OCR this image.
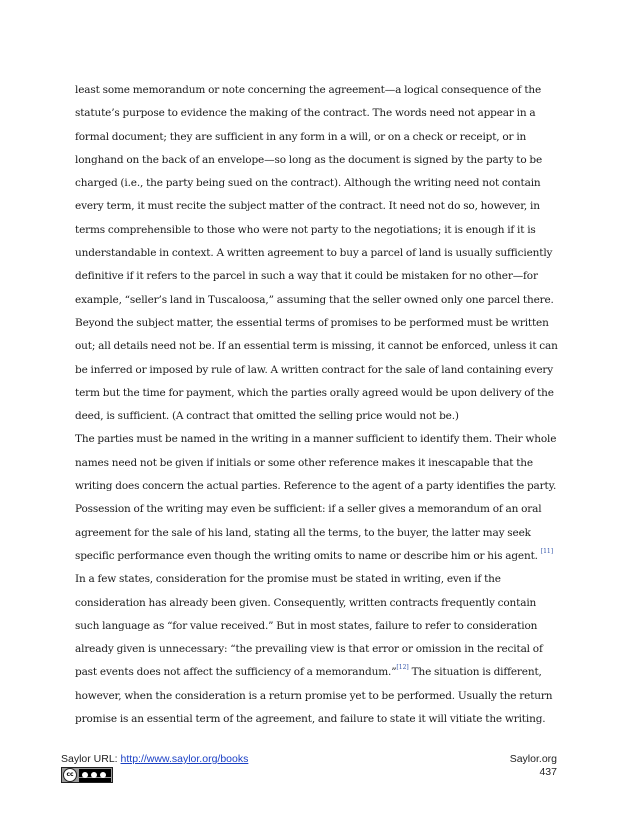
least some memorandum or note concerning the agreement—a logical consequence of the statute’s purpose to evidence the making of the contract. The words need not appear in a formal document; they are sufficient in any form in a will, or on a check or receipt, or in longhand on the back of an envelope—so long as the document is signed by the party to be charged (i.e., the party being sued on the contract). Although the writing need not contain every term, it must recite the subject matter of the contract. It need not do so, however, in terms comprehensible to those who were not party to the negotiations; it is enough if it is understandable in context. A written agreement to buy a parcel of land is usually sufficiently definitive if it refers to the parcel in such a way that it could be mistaken for no other—for example, “seller’s land in Tuscaloosa,” assuming that the seller owned only one parcel there. Beyond the subject matter, the essential terms of promises to be performed must be written out; all details need not be. If an essential term is missing, it cannot be enforced, unless it can be inferred or imposed by rule of law. A written contract for the sale of land containing every term but the time for payment, which the parties orally agreed would be upon delivery of the deed, is sufficient. (A contract that omitted the selling price would not be.)

The parties must be named in the writing in a manner sufficient to identify them. Their whole names need not be given if initials or some other reference makes it inescapable that the writing does concern the actual parties. Reference to the agent of a party identifies the party. Possession of the writing may even be sufficient: if a seller gives a memorandum of an oral agreement for the sale of his land, stating all the terms, to the buyer, the latter may seek specific performance even though the writing omits to name or describe him or his agent. [11]

In a few states, consideration for the promise must be stated in writing, even if the consideration has already been given. Consequently, written contracts frequently contain such language as “for value received.” But in most states, failure to refer to consideration already given is unnecessary: “the prevailing view is that error or omission in the recital of past events does not affect the sufficiency of a memorandum.”[12] The situation is different, however, when the consideration is a return promise yet to be performed. Usually the return promise is an essential term of the agreement, and failure to state it will vitiate the writing.

Saylor URL: http://www.saylor.org/books
cc
Saylor.org
437
